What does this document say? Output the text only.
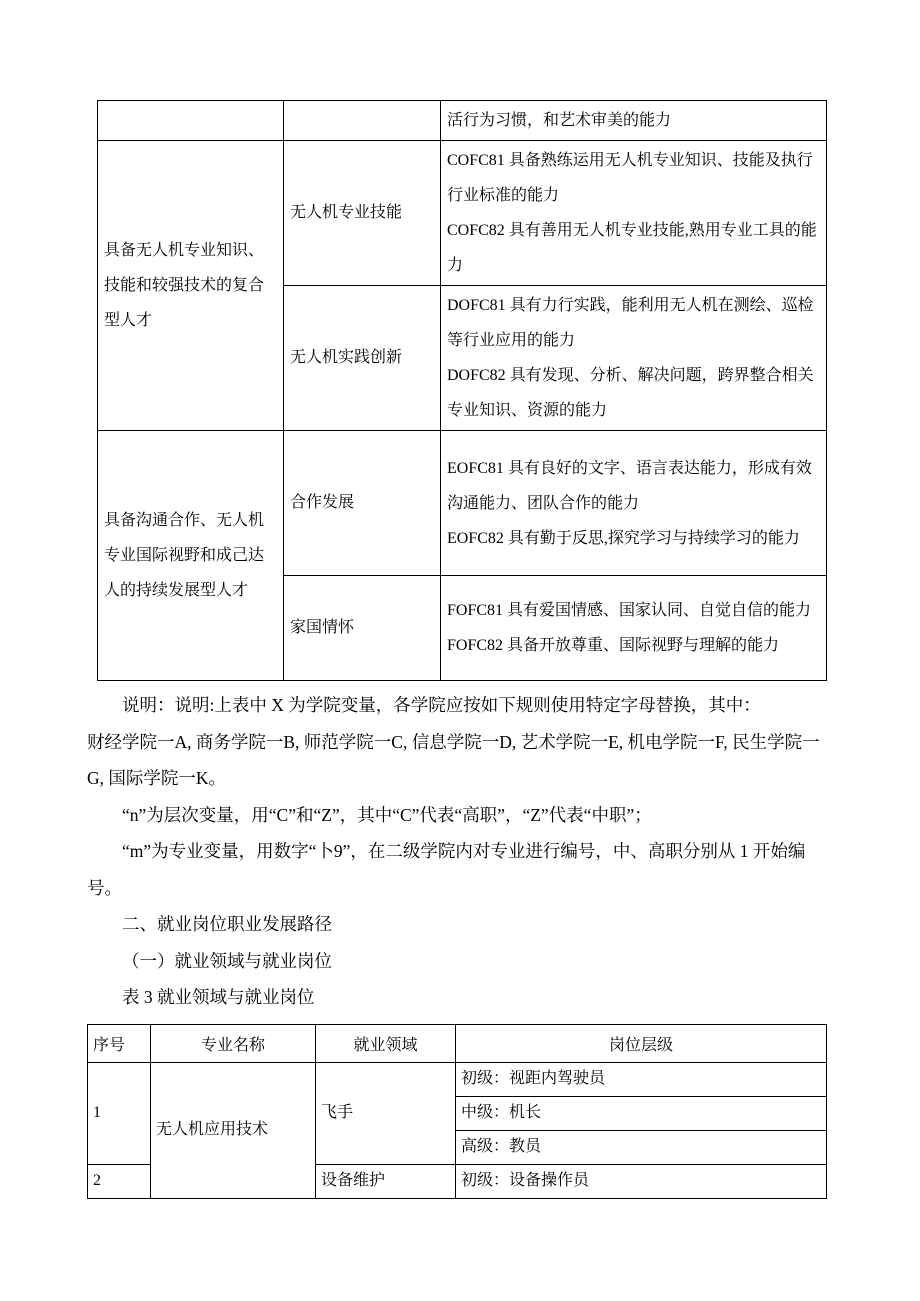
		活行为习惯，和艺术审美的能力

具备无人机专业知识、技能和较强技术的复合型人才	无人机专业技能	COFC81 具备熟练运用无人机专业知识、技能及执行行业标准的能力

COFC82 具有善用无人机专业技能,熟用专业工具的能力

	无人机实践创新	DOFC81 具有力行实践，能利用无人机在测绘、巡检等行业应用的能力

DOFC82 具有发现、分析、解决问题，跨界整合相关专业知识、资源的能力

具备沟通合作、无人机专业国际视野和成己达人的持续发展型人才	合作发展	EOFC81 具有良好的文字、语言表达能力，形成有效沟通能力、团队合作的能力

EOFC82 具有勤于反思,探究学习与持续学习的能力

	家国情怀	FOFC81 具有爱国情感、国家认同、自觉自信的能力

FOFC82 具备开放尊重、国际视野与理解的能力

说明：说明:上表中 X 为学院变量，各学院应按如下规则使用特定字母替换，其中：

财经学院一A, 商务学院一B, 师范学院一C, 信息学院一D, 艺术学院一E, 机电学院一F, 民生学院一G, 国际学院一K。

“n”为层次变量，用“C”和“Z”，其中“C”代表“高职”，“Z”代表“中职”；

“m”为专业变量，用数字“卜9”，在二级学院内对专业进行编号，中、高职分别从 1 开始编号。

二、就业岗位职业发展路径

（一）就业领域与就业岗位

表 3 就业领域与就业岗位

序号	专业名称	就业领域	岗位层级
1	无人机应用技术	飞手	初级：视距内驾驶员
			中级：机长
			高级：教员
2		设备维护	初级：设备操作员
